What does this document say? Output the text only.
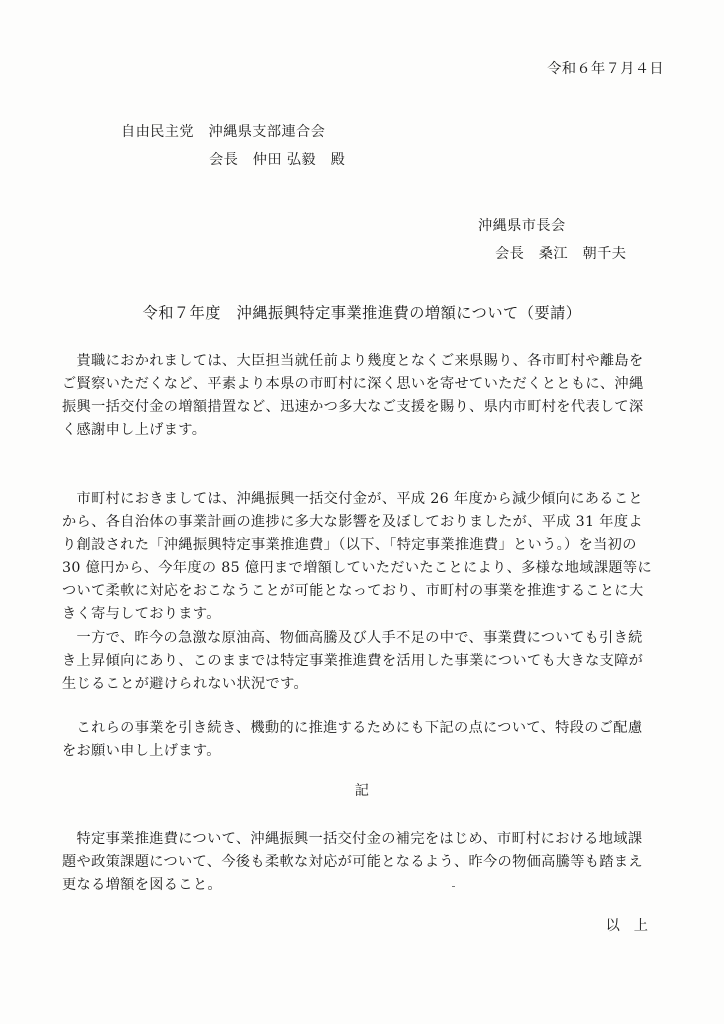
令和６年７月４日
自由民主党　沖縄県支部連合会
会長　仲田 弘毅　殿
沖縄県市長会
会長　桑江　朝千夫
令和７年度　沖縄振興特定事業推進費の増額について（要請）
　貴職におかれましては、大臣担当就任前より幾度となくご来県賜り、各市町村や離島を
ご賢察いただくなど、平素より本県の市町村に深く思いを寄せていただくとともに、沖縄
振興一括交付金の増額措置など、迅速かつ多大なご支援を賜り、県内市町村を代表して深
く感謝申し上げます。
　市町村におきましては、沖縄振興一括交付金が、平成 26 年度から減少傾向にあること
から、各自治体の事業計画の進捗に多大な影響を及ぼしておりましたが、平成 31 年度よ
り創設された「沖縄振興特定事業推進費」（以下、「特定事業推進費」という。）を当初の
30 億円から、今年度の 85 億円まで増額していただいたことにより、多様な地域課題等に
ついて柔軟に対応をおこなうことが可能となっており、市町村の事業を推進することに大
きく寄与しております。
　一方で、昨今の急激な原油高、物価高騰及び人手不足の中で、事業費についても引き続
き上昇傾向にあり、このままでは特定事業推進費を活用した事業についても大きな支障が
生じることが避けられない状況です。
　これらの事業を引き続き、機動的に推進するためにも下記の点について、特段のご配慮
をお願い申し上げます。
記
　特定事業推進費について、沖縄振興一括交付金の補完をはじめ、市町村における地域課
題や政策課題について、今後も柔軟な対応が可能となるよう、昨今の物価高騰等も踏まえ
更なる増額を図ること。
以上
